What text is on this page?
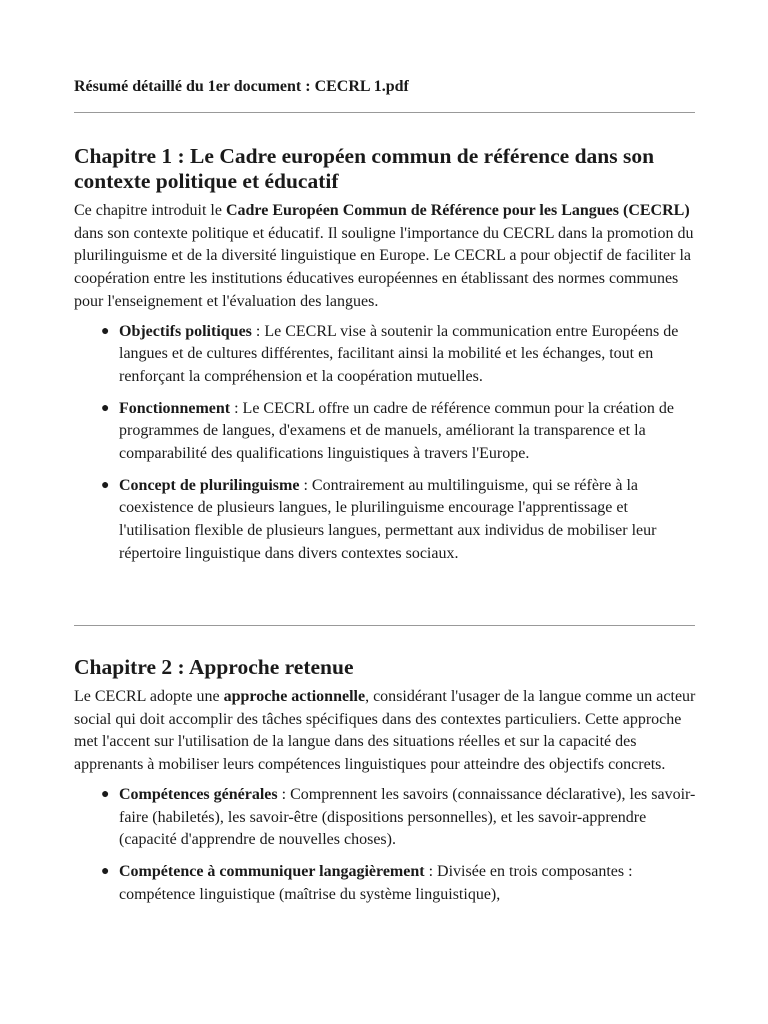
Résumé détaillé du 1er document : CECRL 1.pdf
Chapitre 1 : Le Cadre européen commun de référence dans son contexte politique et éducatif

Ce chapitre introduit le Cadre Européen Commun de Référence pour les Langues (CECRL) dans son contexte politique et éducatif. Il souligne l'importance du CECRL dans la promotion du plurilinguisme et de la diversité linguistique en Europe. Le CECRL a pour objectif de faciliter la coopération entre les institutions éducatives européennes en établissant des normes communes pour l'enseignement et l'évaluation des langues.

● Objectifs politiques : Le CECRL vise à soutenir la communication entre Européens de langues et de cultures différentes, facilitant ainsi la mobilité et les échanges, tout en renforçant la compréhension et la coopération mutuelles.
● Fonctionnement : Le CECRL offre un cadre de référence commun pour la création de programmes de langues, d'examens et de manuels, améliorant la transparence et la comparabilité des qualifications linguistiques à travers l'Europe.
● Concept de plurilinguisme : Contrairement au multilinguisme, qui se réfère à la coexistence de plusieurs langues, le plurilinguisme encourage l'apprentissage et l'utilisation flexible de plusieurs langues, permettant aux individus de mobiliser leur répertoire linguistique dans divers contextes sociaux.
Chapitre 2 : Approche retenue

Le CECRL adopte une approche actionnelle, considérant l'usager de la langue comme un acteur social qui doit accomplir des tâches spécifiques dans des contextes particuliers. Cette approche met l'accent sur l'utilisation de la langue dans des situations réelles et sur la capacité des apprenants à mobiliser leurs compétences linguistiques pour atteindre des objectifs concrets.

● Compétences générales : Comprennent les savoirs (connaissance déclarative), les savoir-faire (habiletés), les savoir-être (dispositions personnelles), et les savoir-apprendre (capacité d'apprendre de nouvelles choses).
● Compétence à communiquer langagièrement : Divisée en trois composantes : compétence linguistique (maîtrise du système linguistique),
